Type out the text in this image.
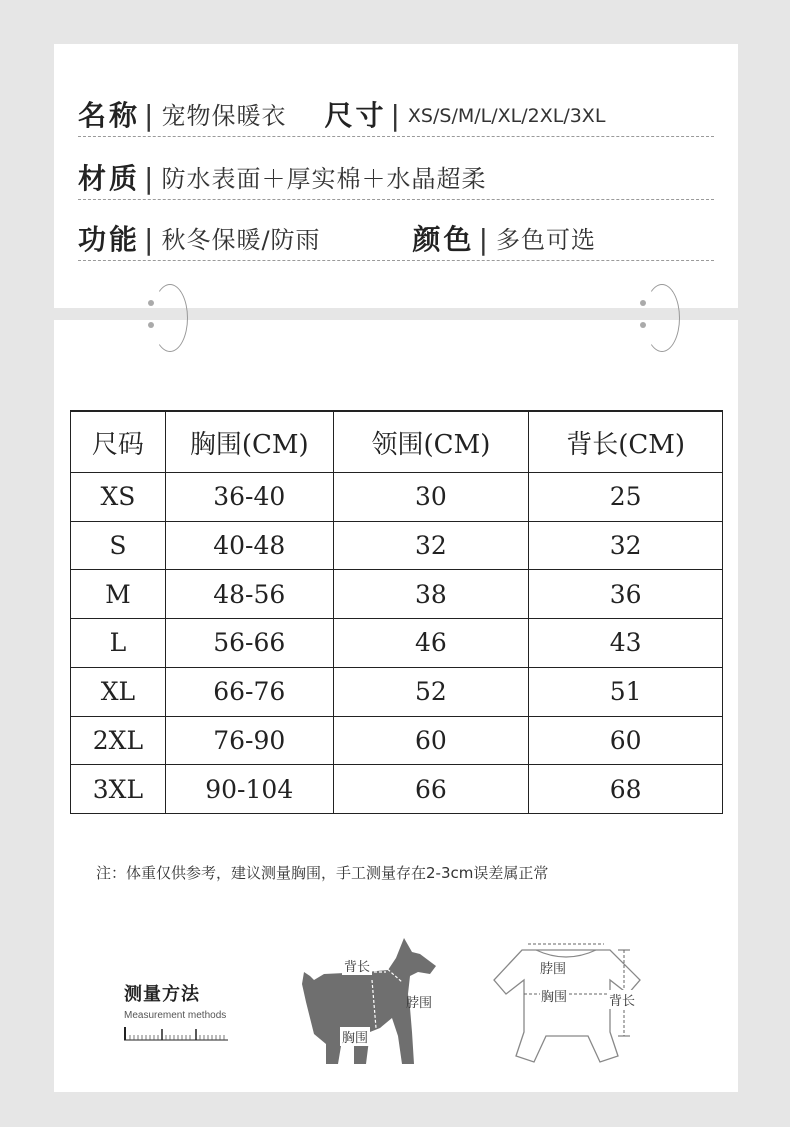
名称 | 宠物保暖衣 尺寸 | XS/S/M/L/XL/2XL/3XL
材质 | 防水表面＋厚实棉＋水晶超柔
功能 | 秋冬保暖/防雨	颜色 | 多色可选
尺码	胸围(CM)	领围(CM)	背长(CM)
XS	36-40	30	25
S	40-48	32	32
M	48-56	38	36
L	56-66	46	43
XL	66-76	52	51
2XL	76-90	60	60
3XL	90-104	66	68
注：体重仅供参考，建议测量胸围，手工测量存在2-3cm误差属正常
测量方法
Measurement methods
背长
脖围
胸围
脖围
胸围	背长
